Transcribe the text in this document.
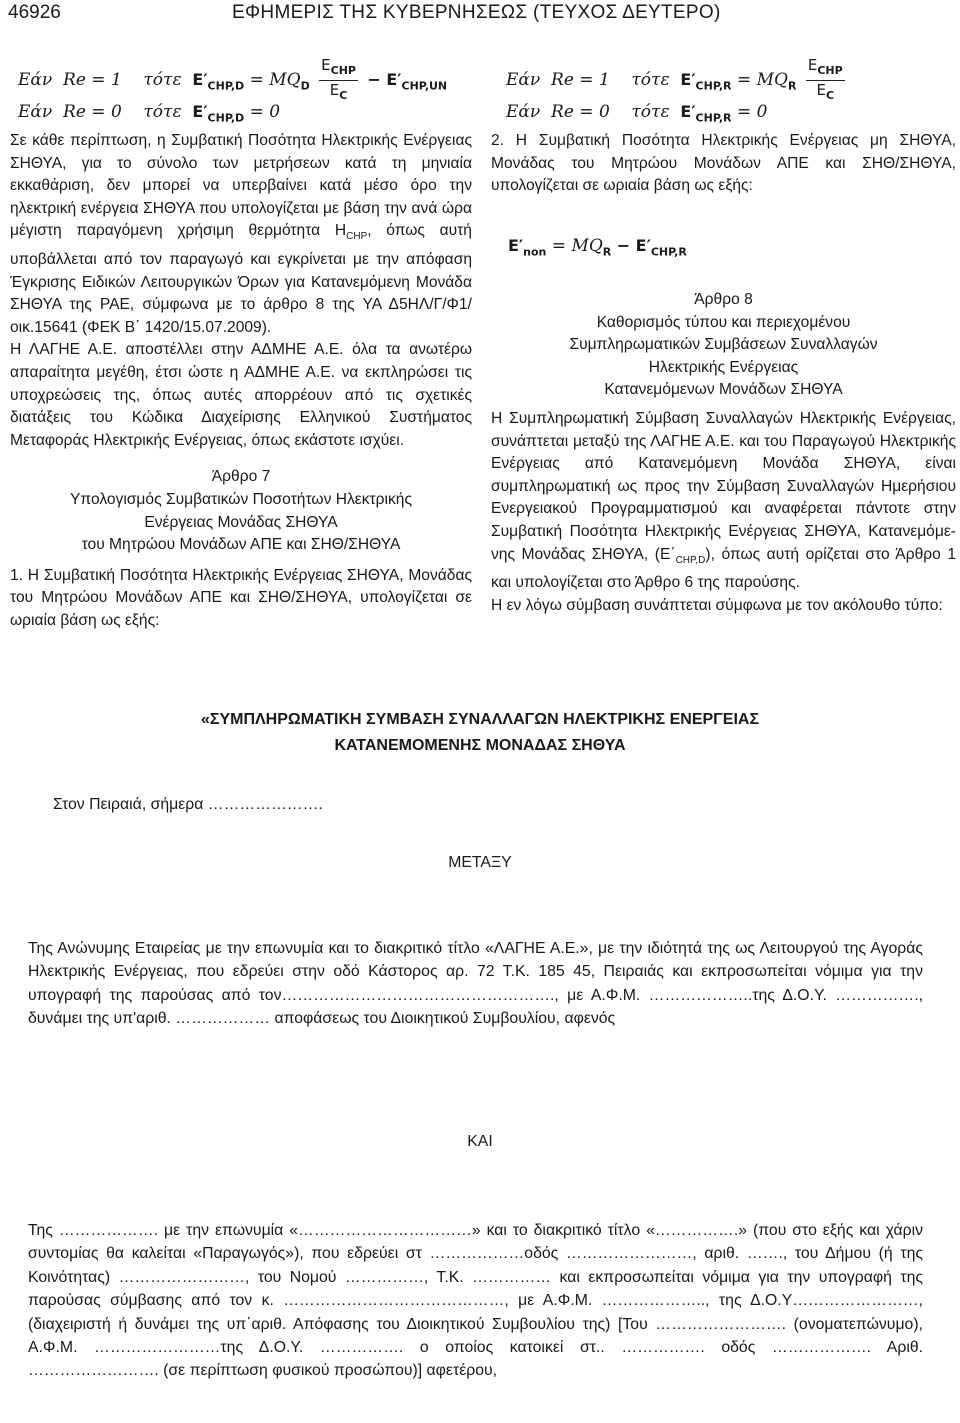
46926	ΕΦΗΜΕΡΙΣ ΤΗΣ ΚΥΒΕΡΝΗΣΕΩΣ (ΤΕΥΧΟΣ ΔΕΥΤΕΡΟ)
Εάν Re = 1 τότε $E'_{CHP,D} = MQ_D \frac{E_{CHP}}{E_C} - E'_{CHP,UN}$
Εάν Re = 0 τότε $E'_{CHP,D} = 0$
Εάν Re = 1 τότε $E'_{CHP,R} = MQ_R \frac{E_{CHP}}{E_C}$
Εάν Re = 0 τότε $E'_{CHP,R} = 0$
$E'_{non} = MQ_R - E'_{CHP,R}$

Σε κάθε περίπτωση, η Συμβατική Ποσότητα Ηλεκτρικής Ενέργειας ΣΗΘΥΑ, για το σύνολο των μετρήσεων κατά τη μηνιαία εκκαθάριση, δεν μπορεί να υπερβαίνει κατά μέσο όρο την ηλεκτρική ενέργεια ΣΗΘΥΑ που υπολογίζεται με βάση την ανά ώρα μέγιστη παραγόμενη χρήσιμη θερμότητα $H_{CHP}$, όπως αυτή υποβάλλεται από τον παραγωγό και εγκρίνεται με την απόφαση Έγκρισης Ειδικών Λειτουργικών Όρων για Κατανεμόμενη Μονάδα ΣΗΘΥΑ της ΡΑΕ, σύμφωνα με το άρθρο 8 της ΥΑ Δ5ΗΛ/Γ/Φ1/οικ.15641 (ΦΕΚ Β΄ 1420/15.07.2009).

Η ΛΑΓΗΕ Α.Ε. αποστέλλει στην ΑΔΜΗΕ Α.Ε. όλα τα ανωτέρω απαραίτητα μεγέθη, έτσι ώστε η ΑΔΜΗΕ Α.Ε. να εκπληρώσει τις υποχρεώσεις της, όπως αυτές απορρέουν από τις σχετικές διατάξεις του Κώδικα Διαχείρισης Ελληνικού Συστήματος Μεταφοράς Ηλεκτρικής Ενέργειας, όπως εκάστοτε ισχύει.

Άρθρο 7

Υπολογισμός Συμβατικών Ποσοτήτων Ηλεκτρικής

Ενέργειας Μονάδας ΣΗΘΥΑ

του Μητρώου Μονάδων ΑΠΕ και ΣΗΘ/ΣΗΘΥΑ

1. Η Συμβατική Ποσότητα Ηλεκτρικής Ενέργειας ΣΗΘΥΑ, Μονάδας του Μητρώου Μονάδων ΑΠΕ και ΣΗΘ/ΣΗΘΥΑ, υπολογίζεται σε ωριαία βάση ως εξής:

2. Η Συμβατική Ποσότητα Ηλεκτρικής Ενέργειας μη ΣΗΘΥΑ, Μονάδας του Μητρώου Μονάδων ΑΠΕ και ΣΗΘ/ΣΗΘΥΑ, υπολογίζεται σε ωριαία βάση ως εξής:

Άρθρο 8

Καθορισμός τύπου και περιεχομένου

Συμπληρωματικών Συμβάσεων Συναλλαγών

Ηλεκτρικής Ενέργειας

Κατανεμόμενων Μονάδων ΣΗΘΥΑ

Η Συμπληρωματική Σύμβαση Συναλλαγών Ηλεκτρικής Ενέργειας, συνάπτεται μεταξύ της ΛΑΓΗΕ Α.Ε. και του Παραγωγού Ηλεκτρικής Ενέργειας από Κατανεμόμενη Μονάδα ΣΗΘΥΑ, είναι συμπληρωματική ως προς την Σύμβαση Συναλλαγών Ημερήσιου Ενεργειακού Προγραμματισμού και αναφέρεται πάντοτε στην Συμβατική Ποσότητα Ηλεκτρικής Ενέργειας ΣΗΘΥΑ, Κατανεμόμενης Μονάδας ΣΗΘΥΑ, $(E΄_{CHP,D})$, όπως αυτή ορίζεται στο Άρθρο 1 και υπολογίζεται στο Άρθρο 6 της παρούσης.

Η εν λόγω σύμβαση συνάπτεται σύμφωνα με τον ακόλουθο τύπο:

«ΣΥΜΠΛΗΡΩΜΑΤΙΚΗ ΣΥΜΒΑΣΗ ΣΥΝΑΛΛΑΓΩΝ ΗΛΕΚΤΡΙΚΗΣ ΕΝΕΡΓΕΙΑΣ
ΚΑΤΑΝΕΜΟΜΕΝΗΣ ΜΟΝΑΔΑΣ ΣΗΘΥΑ
Στον Πειραιά, σήμερα ………………….
ΜΕΤΑΞΥ

Της Ανώνυμης Εταιρείας με την επωνυμία και το διακριτικό τίτλο «ΛΑΓΗΕ Α.Ε.», με την ιδιότητά της ως Λειτουργού της Αγοράς Ηλεκτρικής Ενέργειας, που εδρεύει στην οδό Κάστορος αρ. 72 Τ.Κ. 185 45, Πειραιάς και εκπροσωπείται νόμιμα για την υπογραφή της παρούσας από τον……………………………………………., με Α.Φ.Μ. ………………..της Δ.Ο.Υ. ……………., δυνάμει της υπ'αριθ. ……………… αποφάσεως του Διοικητικού Συμβουλίου, αφενός

ΚΑΙ

Της ………………. με την επωνυμία «……………………………» και το διακριτικό τίτλο «…………….» (που στο εξής και χάριν συντομίας θα καλείται «Παραγωγός»), που εδρεύει στ ………………οδός ……………………, αριθ. ……., του Δήμου (ή της Κοινότητας) ……………………, του Νομού ……………, Τ.Κ. …………… και εκπροσωπείται νόμιμα για την υπογραφή της παρούσας σύμβασης από τον κ. ……………………………………, με Α.Φ.Μ. ……………….., της Δ.Ο.Υ……………………, (διαχειριστή ή δυνάμει της υπ΄αριθ. Απόφασης του Διοικητικού Συμβουλίου της) [Του ……………………. (ονοματεπώνυμο), Α.Φ.Μ. ……………………της Δ.Ο.Υ. ……………. ο οποίος κατοικεί στ.. ……………. οδός ………………. Αριθ. ……………………. (σε περίπτωση φυσικού προσώπου)] αφετέρου,
